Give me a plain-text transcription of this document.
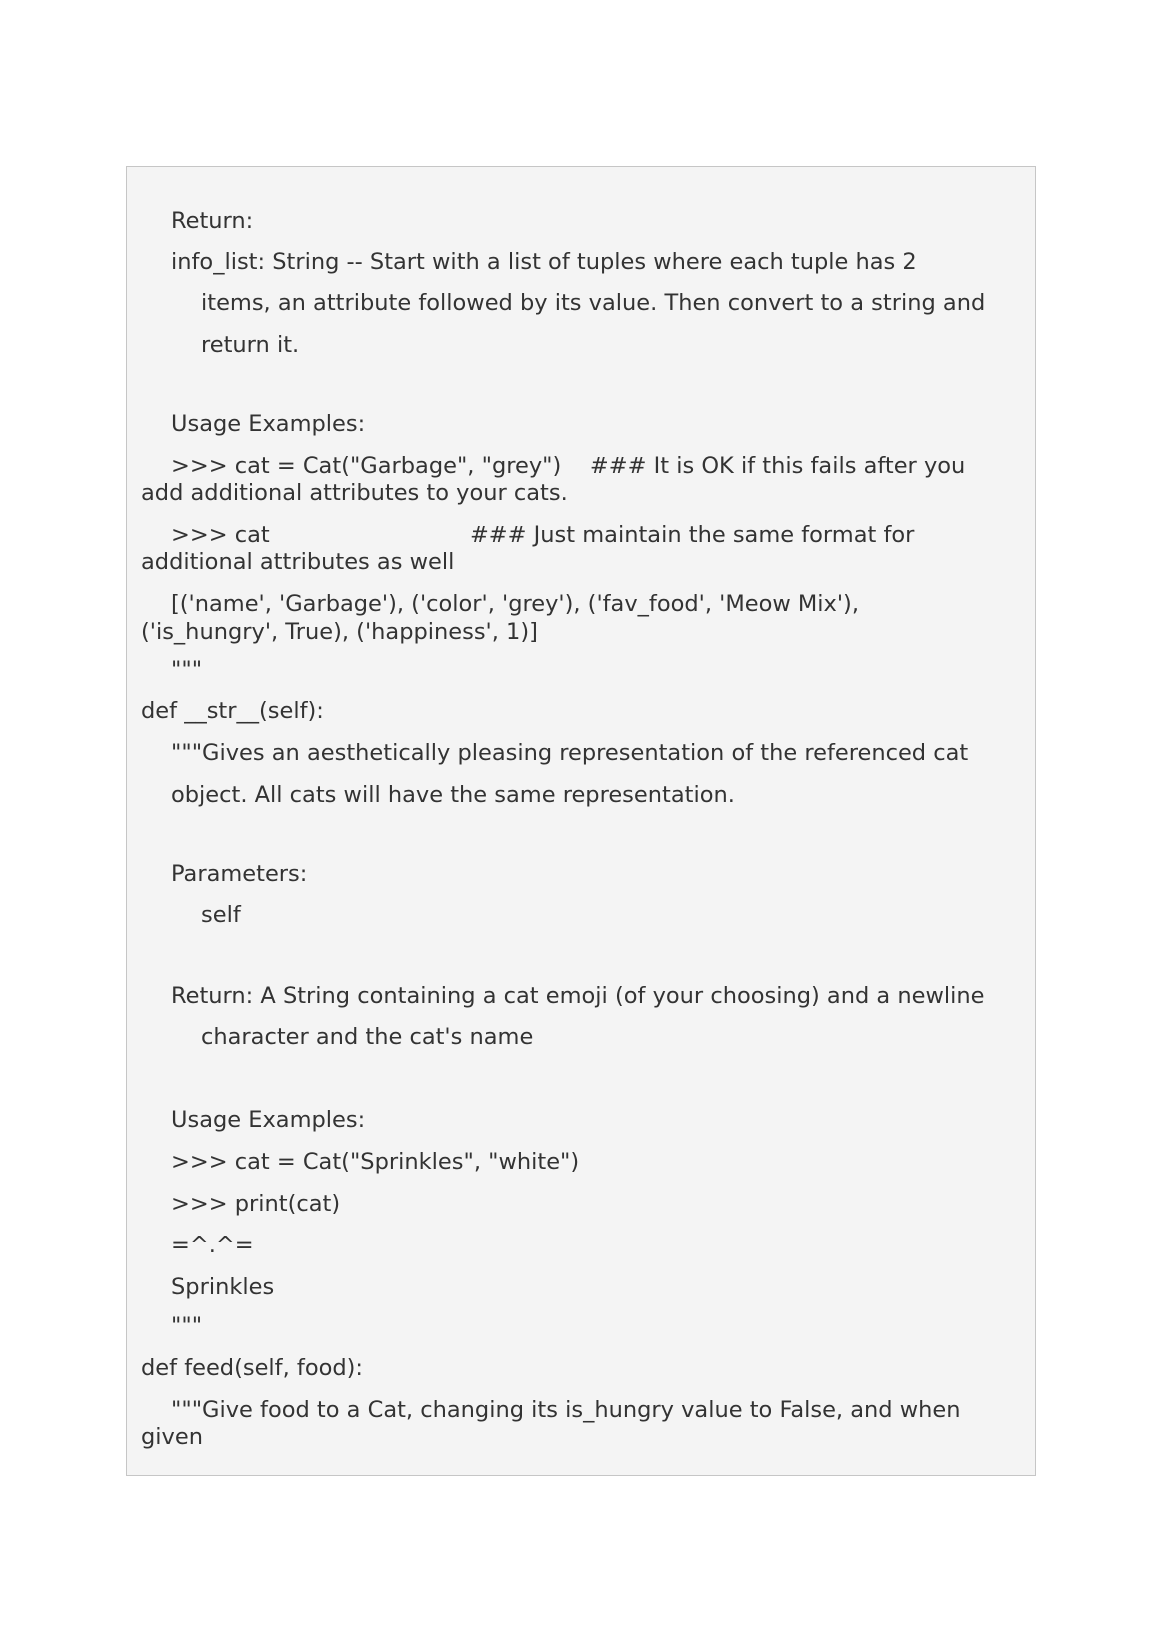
Return:
info_list: String -- Start with a list of tuples where each tuple has 2
items, an attribute followed by its value. Then convert to a string and
return it.
Usage Examples:
>>> cat = Cat("Garbage", "grey")    ### It is OK if this fails after you
add additional attributes to your cats.
>>> cat                            ### Just maintain the same format for
additional attributes as well
[('name', 'Garbage'), ('color', 'grey'), ('fav_food', 'Meow Mix'),
('is_hungry', True), ('happiness', 1)]
"""
def __str__(self):
"""Gives an aesthetically pleasing representation of the referenced cat
object. All cats will have the same representation.
Parameters:
self
Return: A String containing a cat emoji (of your choosing) and a newline
character and the cat's name
Usage Examples:
>>> cat = Cat("Sprinkles", "white")
>>> print(cat)
=^.^=
Sprinkles
"""
def feed(self, food):
"""Give food to a Cat, changing its is_hungry value to False, and when
given
